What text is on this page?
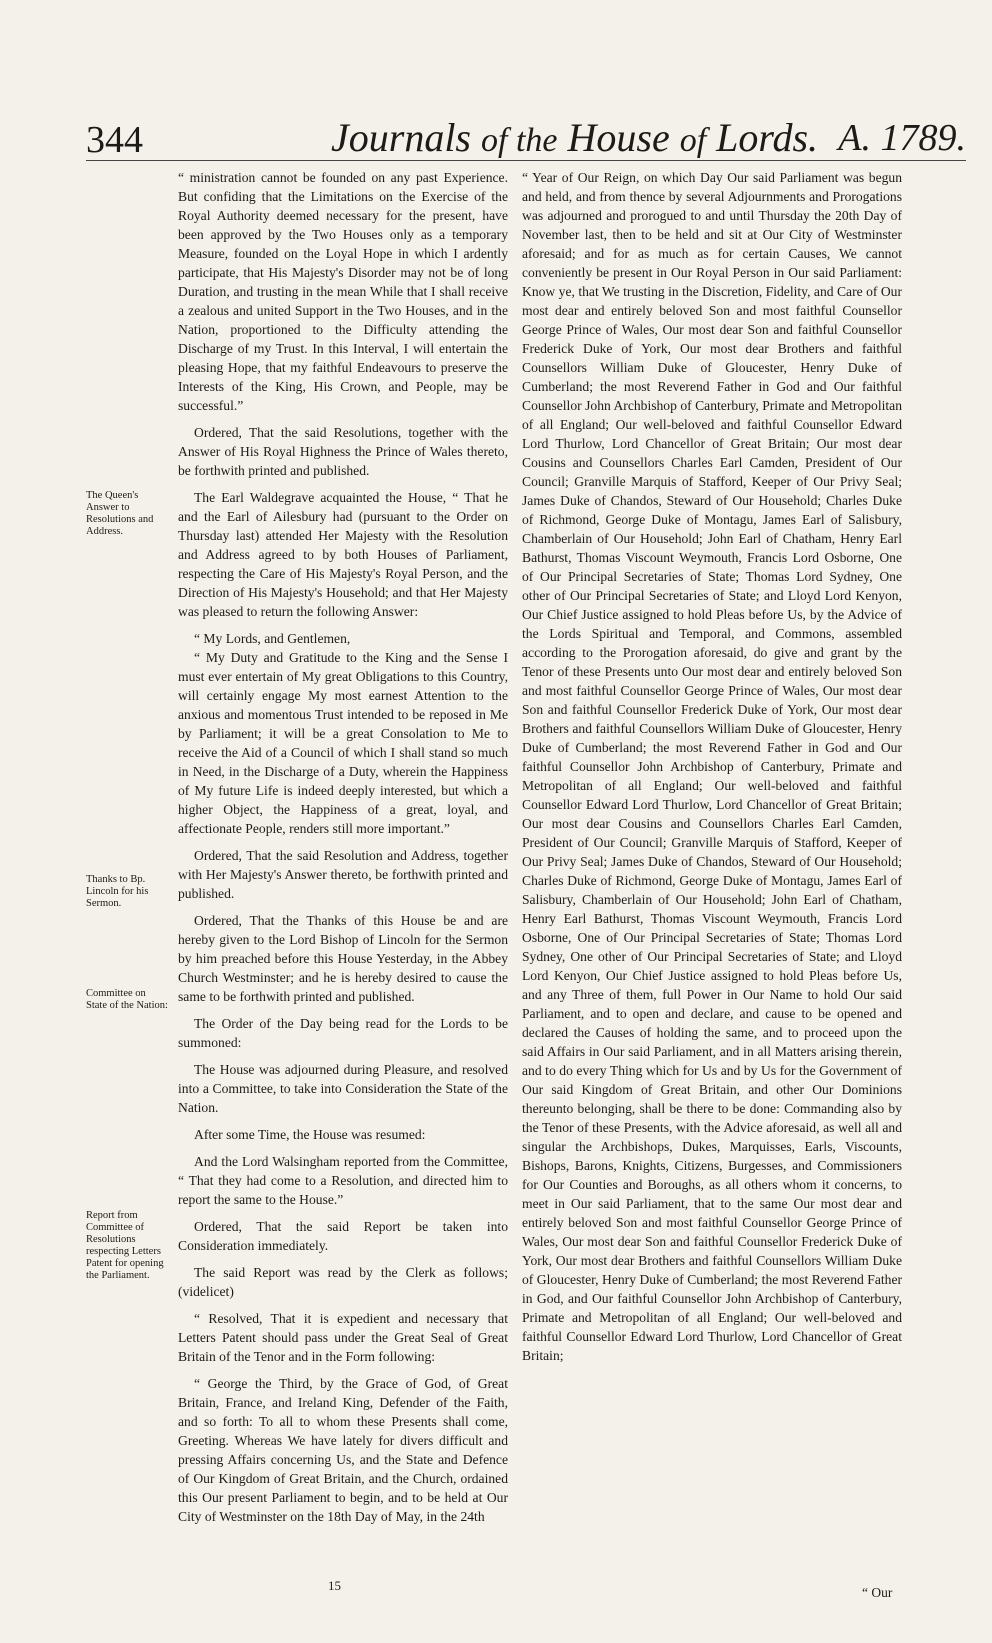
344	Journals of the House of Lords. A. 1789.
The Queen's Answer to Resolutions and Address.
Thanks to Bp. Lincoln for his Sermon.
Committee on State of the Nation:
Report from Committee of Resolutions respecting Letters Patent for opening the Parliament.

“ ministration cannot be founded on any past Experience. But confiding that the Limitations on the Exercise of the Royal Authority deemed necessary for the present, have been approved by the Two Houses only as a temporary Measure, founded on the Loyal Hope in which I ardently participate, that His Majesty's Disorder may not be of long Duration, and trusting in the mean While that I shall receive a zealous and united Support in the Two Houses, and in the Nation, proportioned to the Difficulty attending the Discharge of my Trust. In this Interval, I will entertain the pleasing Hope, that my faithful Endeavours to preserve the Interests of the King, His Crown, and People, may be successful.”

Ordered, That the said Resolutions, together with the Answer of His Royal Highness the Prince of Wales thereto, be forthwith printed and published.

The Earl Waldegrave acquainted the House, “ That he and the Earl of Ailesbury had (pursuant to the Order on Thursday last) attended Her Majesty with the Resolution and Address agreed to by both Houses of Parliament, respecting the Care of His Majesty's Royal Person, and the Direction of His Majesty's Household; and that Her Majesty was pleased to return the following Answer:

“ My Lords, and Gentlemen,

“ My Duty and Gratitude to the King and the Sense I must ever entertain of My great Obligations to this Country, will certainly engage My most earnest Attention to the anxious and momentous Trust intended to be reposed in Me by Parliament; it will be a great Consolation to Me to receive the Aid of a Council of which I shall stand so much in Need, in the Discharge of a Duty, wherein the Happiness of My future Life is indeed deeply interested, but which a higher Object, the Happiness of a great, loyal, and affectionate People, renders still more important.”

Ordered, That the said Resolution and Address, together with Her Majesty's Answer thereto, be forthwith printed and published.

Ordered, That the Thanks of this House be and are hereby given to the Lord Bishop of Lincoln for the Sermon by him preached before this House Yesterday, in the Abbey Church Westminster; and he is hereby desired to cause the same to be forthwith printed and published.

The Order of the Day being read for the Lords to be summoned:

The House was adjourned during Pleasure, and resolved into a Committee, to take into Consideration the State of the Nation.

After some Time, the House was resumed:

And the Lord Walsingham reported from the Committee, “ That they had come to a Resolution, and directed him to report the same to the House.”

Ordered, That the said Report be taken into Consideration immediately.

The said Report was read by the Clerk as follows; (videlicet)

“ Resolved, That it is expedient and necessary that Letters Patent should pass under the Great Seal of Great Britain of the Tenor and in the Form following:

“ George the Third, by the Grace of God, of Great Britain, France, and Ireland King, Defender of the Faith, and so forth: To all to whom these Presents shall come, Greeting. Whereas We have lately for divers difficult and pressing Affairs concerning Us, and the State and Defence of Our Kingdom of Great Britain, and the Church, ordained this Our present Parliament to begin, and to be held at Our City of Westminster on the 18th Day of May, in the 24th

“ Year of Our Reign, on which Day Our said Parliament was begun and held, and from thence by several Adjournments and Prorogations was adjourned and prorogued to and until Thursday the 20th Day of November last, then to be held and sit at Our City of Westminster aforesaid; and for as much as for certain Causes, We cannot conveniently be present in Our Royal Person in Our said Parliament: Know ye, that We trusting in the Discretion, Fidelity, and Care of Our most dear and entirely beloved Son and most faithful Counsellor George Prince of Wales, Our most dear Son and faithful Counsellor Frederick Duke of York, Our most dear Brothers and faithful Counsellors William Duke of Gloucester, Henry Duke of Cumberland; the most Reverend Father in God and Our faithful Counsellor John Archbishop of Canterbury, Primate and Metropolitan of all England; Our well-beloved and faithful Counsellor Edward Lord Thurlow, Lord Chancellor of Great Britain; Our most dear Cousins and Counsellors Charles Earl Camden, President of Our Council; Granville Marquis of Stafford, Keeper of Our Privy Seal; James Duke of Chandos, Steward of Our Household; Charles Duke of Richmond, George Duke of Montagu, James Earl of Salisbury, Chamberlain of Our Household; John Earl of Chatham, Henry Earl Bathurst, Thomas Viscount Weymouth, Francis Lord Osborne, One of Our Principal Secretaries of State; Thomas Lord Sydney, One other of Our Principal Secretaries of State; and Lloyd Lord Kenyon, Our Chief Justice assigned to hold Pleas before Us, by the Advice of the Lords Spiritual and Temporal, and Commons, assembled according to the Prorogation aforesaid, do give and grant by the Tenor of these Presents unto Our most dear and entirely beloved Son and most faithful Counsellor George Prince of Wales, Our most dear Son and faithful Counsellor Frederick Duke of York, Our most dear Brothers and faithful Counsellors William Duke of Gloucester, Henry Duke of Cumberland; the most Reverend Father in God and Our faithful Counsellor John Archbishop of Canterbury, Primate and Metropolitan of all England; Our well-beloved and faithful Counsellor Edward Lord Thurlow, Lord Chancellor of Great Britain; Our most dear Cousins and Counsellors Charles Earl Camden, President of Our Council; Granville Marquis of Stafford, Keeper of Our Privy Seal; James Duke of Chandos, Steward of Our Household; Charles Duke of Richmond, George Duke of Montagu, James Earl of Salisbury, Chamberlain of Our Household; John Earl of Chatham, Henry Earl Bathurst, Thomas Viscount Weymouth, Francis Lord Osborne, One of Our Principal Secretaries of State; Thomas Lord Sydney, One other of Our Principal Secretaries of State; and Lloyd Lord Kenyon, Our Chief Justice assigned to hold Pleas before Us, and any Three of them, full Power in Our Name to hold Our said Parliament, and to open and declare, and cause to be opened and declared the Causes of holding the same, and to proceed upon the said Affairs in Our said Parliament, and in all Matters arising therein, and to do every Thing which for Us and by Us for the Government of Our said Kingdom of Great Britain, and other Our Dominions thereunto belonging, shall be there to be done: Commanding also by the Tenor of these Presents, with the Advice aforesaid, as well all and singular the Archbishops, Dukes, Marquisses, Earls, Viscounts, Bishops, Barons, Knights, Citizens, Burgesses, and Commissioners for Our Counties and Boroughs, as all others whom it concerns, to meet in Our said Parliament, that to the same Our most dear and entirely beloved Son and most faithful Counsellor George Prince of Wales, Our most dear Son and faithful Counsellor Frederick Duke of York, Our most dear Brothers and faithful Counsellors William Duke of Gloucester, Henry Duke of Cumberland; the most Reverend Father in God, and Our faithful Counsellor John Archbishop of Canterbury, Primate and Metropolitan of all England; Our well-beloved and faithful Counsellor Edward Lord Thurlow, Lord Chancellor of Great Britain;

15	“ Our
